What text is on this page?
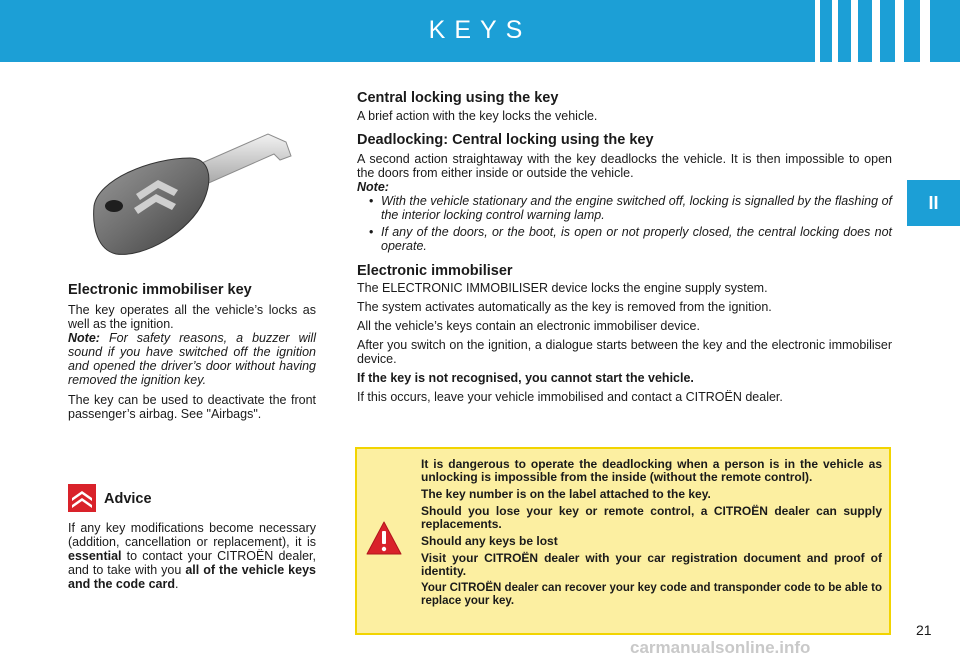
KEYS
II
Electronic immobiliser key

The key operates all the vehicle’s locks as well as the ignition.

Note: For safety reasons, a buzzer will sound if you have switched off the ignition and opened the driver’s door without having removed the ignition key.

The key can be used to deactivate the front passenger’s airbag. See "Airbags".

Advice

If any key modifications become necessary (addition, cancellation or replacement), it is essential to contact your CITROËN dealer, and to take with you all of the vehicle keys and the code card.

Central locking using the key

A brief action with the key locks the vehicle.

Deadlocking: Central locking using the key

A second action straightaway with the key deadlocks the vehicle. It is then impossible to open the doors from either inside or outside the vehicle.

Note:

• With the vehicle stationary and the engine switched off, locking is signalled by the flashing of the interior locking control warning lamp.

• If any of the doors, or the boot, is open or not properly closed, the central locking does not operate.

Electronic immobiliser

The ELECTRONIC IMMOBILISER device locks the engine supply system.

The system activates automatically as the key is removed from the ignition.

All the vehicle’s keys contain an electronic immobiliser device.

After you switch on the ignition, a dialogue starts between the key and the electronic immobiliser device.

If the key is not recognised, you cannot start the vehicle.

If this occurs, leave your vehicle immobilised and contact a CITROËN dealer.

It is dangerous to operate the deadlocking when a person is in the vehicle as unlocking is impossible from the inside (without the remote control).

The key number is on the label attached to the key.

Should you lose your key or remote control, a CITROËN dealer can supply replacements.

Should any keys be lost

Visit your CITROËN dealer with your car registration document and proof of identity.

Your CITROËN dealer can recover your key code and transponder code to be able to replace your key.

21
carmanualsonline.info
